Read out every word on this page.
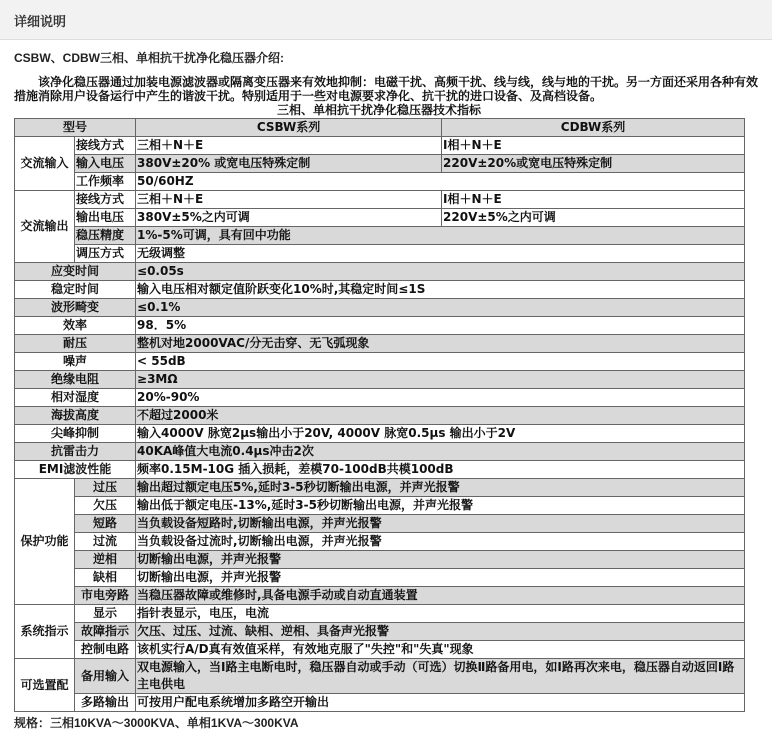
详细说明
CSBW、CDBW三相、单相抗干扰净化稳压器介绍:
该净化稳压器通过加装电源滤波器或隔离变压器来有效地抑制：电磁干扰、高频干扰、线与线，线与地的干扰。另一方面还采用各种有效措施消除用户设备运行中产生的谐波干扰。特别适用于一些对电源要求净化、抗干扰的进口设备、及高档设备。
三相、单相抗干扰净化稳压器技术指标
型号		CSBW系列	CDBW系列
交流输入	接线方式	三相＋N＋E	I相＋N＋E
	输入电压	380V±20% 或宽电压特殊定制	220V±20%或宽电压特殊定制
	工作频率	50/60HZ	
交流输出	接线方式	三相＋N＋E	I相＋N＋E
	输出电压	380V±5%之内可调	220V±5%之内可调
	稳压精度	1%-5%可调，具有回中功能	
	调压方式	无级调整	
应变时间		≤0.05s	
稳定时间		输入电压相对额定值阶跃变化10%时,其稳定时间≤1S	
波形畸变		≤0.1%	
效率		98．5%	
耐压		整机对地2000VAC/分无击穿、无飞弧现象	
噪声		< 55dB	
绝缘电阻		≥3MΩ	
相对湿度		20%-90%	
海拔高度		不超过2000米	
尖峰抑制		输入4000V 脉宽2μs输出小于20V, 4000V 脉宽0.5μs 输出小于2V	
抗雷击力		40KA峰值大电流0.4μs冲击2次	
EMI滤波性能		频率0.15M-10G 插入损耗，差模70-100dB共模100dB	
保护功能	过压	输出超过额定电压5%,延时3-5秒切断输出电源，并声光报警	
	欠压	输出低于额定电压-13%,延时3-5秒切断输出电源，并声光报警	
	短路	当负载设备短路时,切断输出电源，并声光报警	
	过流	当负载设备过流时,切断输出电源，并声光报警	
	逆相	切断输出电源，并声光报警	
	缺相	切断输出电源，并声光报警	
	市电旁路	当稳压器故障或维修时,具备电源手动或自动直通装置	
系统指示	显示	指针表显示，电压，电流	
	故障指示	欠压、过压、过流、缺相、逆相、具备声光报警	
	控制电路	该机实行A/D真有效值采样，有效地克服了"失控"和"失真"现象	
可选置配	备用输入	双电源输入，当Ⅰ路主电断电时，稳压器自动或手动（可选）切换Ⅱ路备用电，如Ⅰ路再次来电，稳压器自动返回Ⅰ路主电供电	
	多路输出	可按用户配电系统增加多路空开输出	
规格：三相10KVA～3000KVA、单相1KVA～300KVA
